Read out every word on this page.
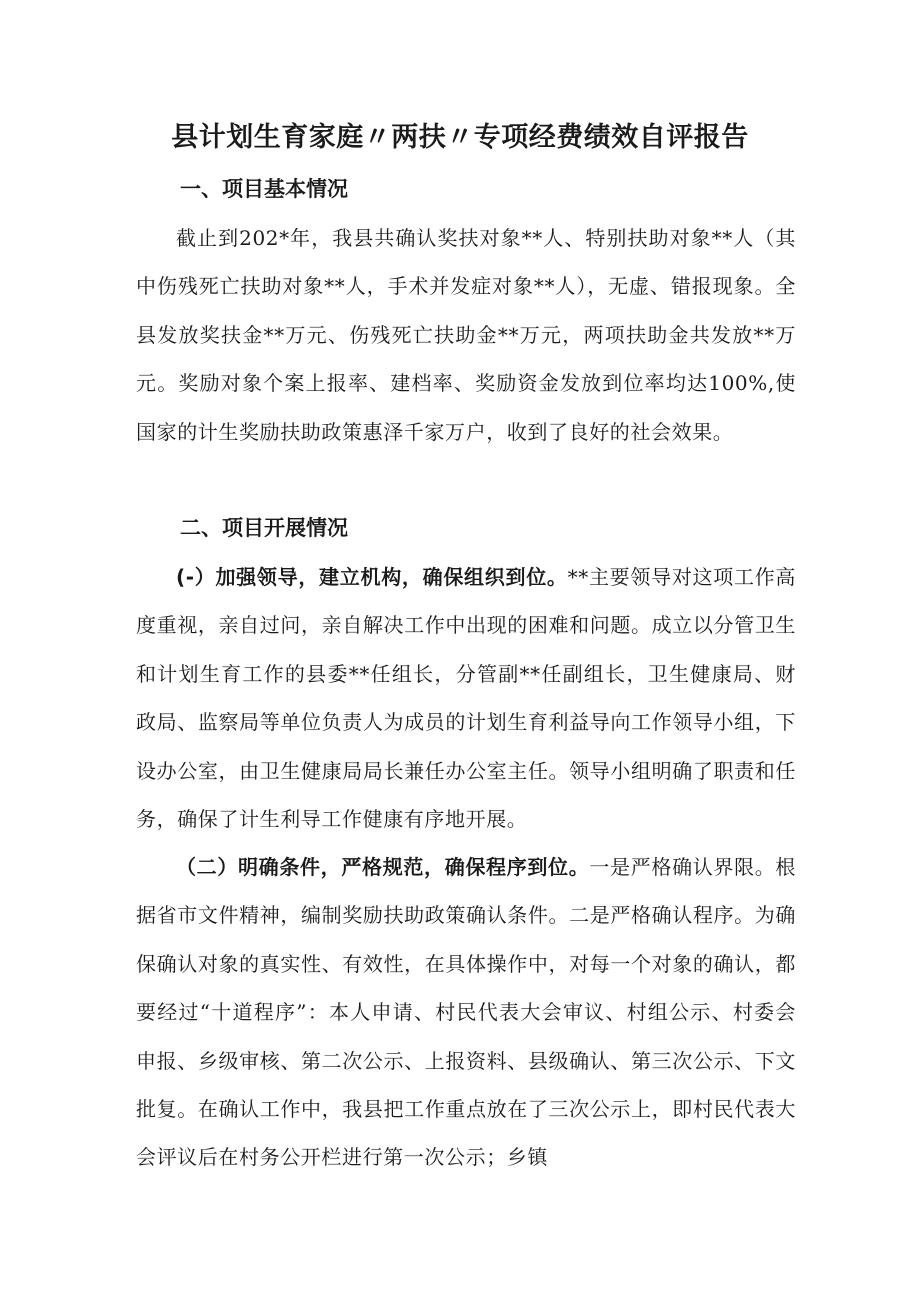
县计划生育家庭〃两扶〃专项经费绩效自评报告
一、项目基本情况

截止到202*年，我县共确认奖扶对象**人、特别扶助对象**人（其中伤残死亡扶助对象**人，手术并发症对象**人），无虚、错报现象。全县发放奖扶金**万元、伤残死亡扶助金**万元，两项扶助金共发放**万元。奖励对象个案上报率、建档率、奖励资金发放到位率均达100%,使国家的计生奖励扶助政策惠泽千家万户，收到了良好的社会效果。

二、项目开展情况

(-）加强领导，建立机构，确保组织到位。**主要领导对这项工作高度重视，亲自过问，亲自解决工作中出现的困难和问题。成立以分管卫生和计划生育工作的县委**任组长，分管副**任副组长，卫生健康局、财政局、监察局等单位负责人为成员的计划生育利益导向工作领导小组，下设办公室，由卫生健康局局长兼任办公室主任。领导小组明确了职责和任务，确保了计生利导工作健康有序地开展。

（二）明确条件，严格规范，确保程序到位。一是严格确认界限。根据省市文件精神，编制奖励扶助政策确认条件。二是严格确认程序。为确保确认对象的真实性、有效性，在具体操作中，对每一个对象的确认，都要经过“十道程序”：本人申请、村民代表大会审议、村组公示、村委会申报、乡级审核、第二次公示、上报资料、县级确认、第三次公示、下文批复。在确认工作中，我县把工作重点放在了三次公示上，即村民代表大会评议后在村务公开栏进行第一次公示；乡镇
